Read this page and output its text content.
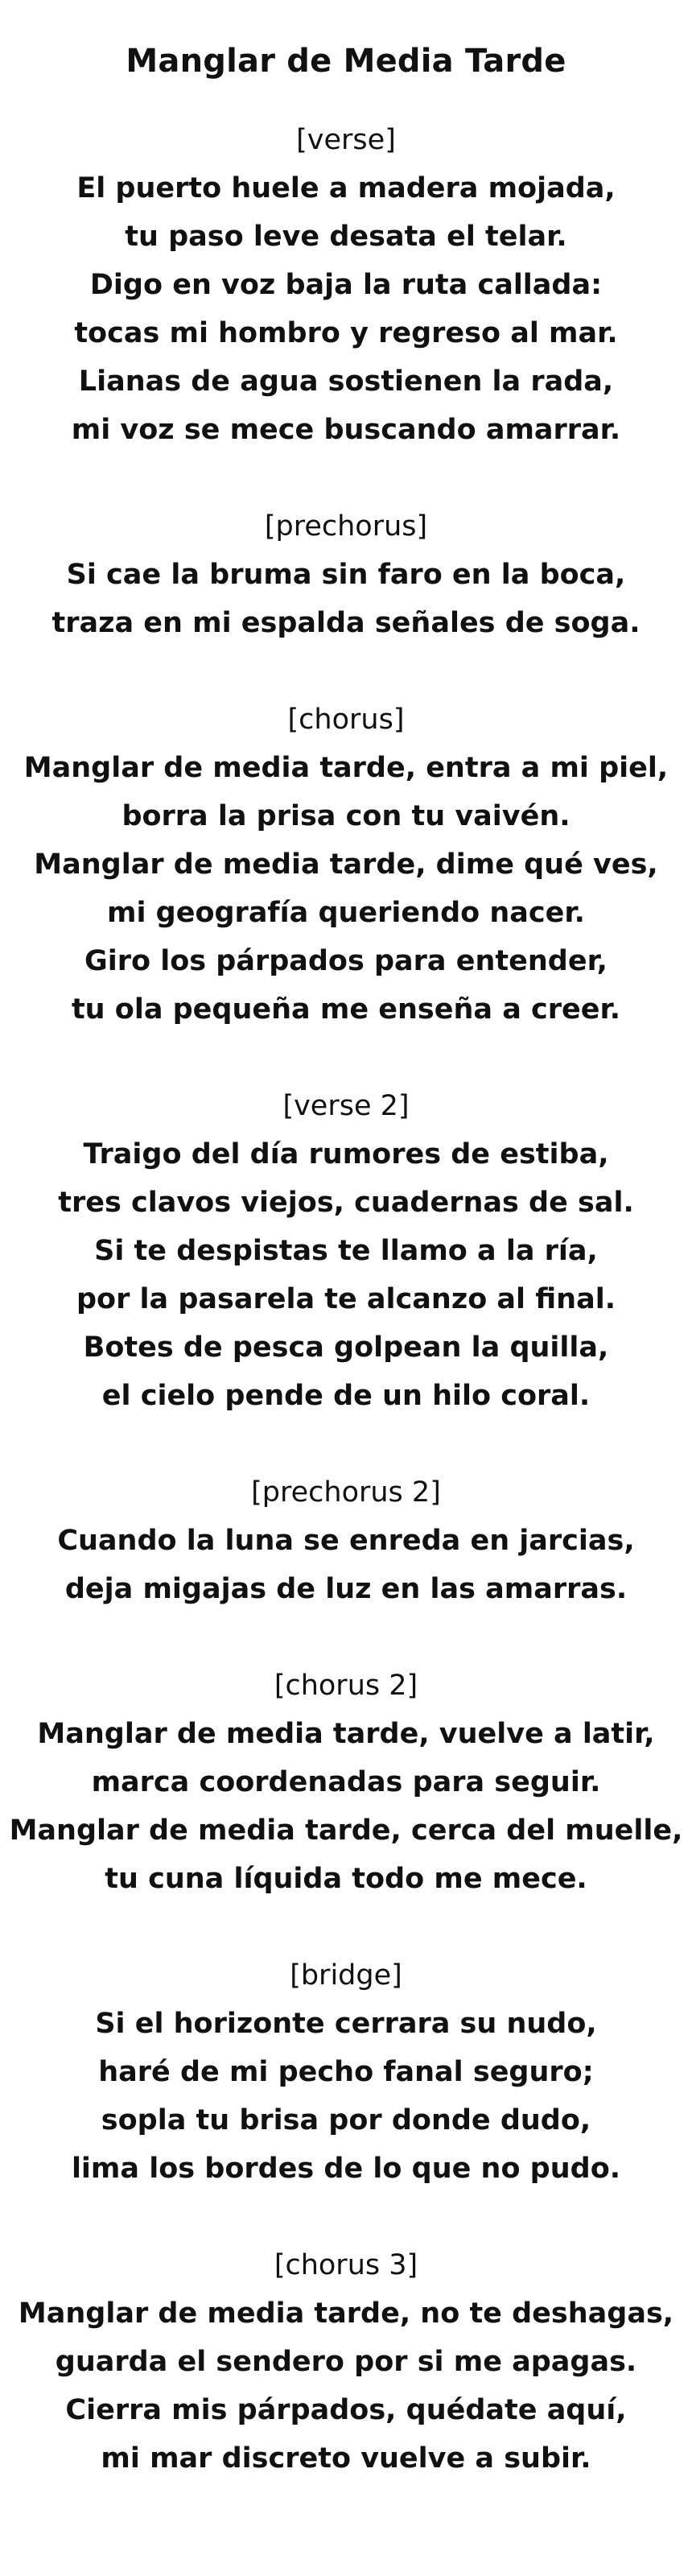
Manglar de Media Tarde
[verse]
El puerto huele a madera mojada,
tu paso leve desata el telar.
Digo en voz baja la ruta callada:
tocas mi hombro y regreso al mar.
Lianas de agua sostienen la rada,
mi voz se mece buscando amarrar.
[prechorus]
Si cae la bruma sin faro en la boca,
traza en mi espalda señales de soga.
[chorus]
Manglar de media tarde, entra a mi piel,
borra la prisa con tu vaivén.
Manglar de media tarde, dime qué ves,
mi geografía queriendo nacer.
Giro los párpados para entender,
tu ola pequeña me enseña a creer.
[verse 2]
Traigo del día rumores de estiba,
tres clavos viejos, cuadernas de sal.
Si te despistas te llamo a la ría,
por la pasarela te alcanzo al final.
Botes de pesca golpean la quilla,
el cielo pende de un hilo coral.
[prechorus 2]
Cuando la luna se enreda en jarcias,
deja migajas de luz en las amarras.
[chorus 2]
Manglar de media tarde, vuelve a latir,
marca coordenadas para seguir.
Manglar de media tarde, cerca del muelle,
tu cuna líquida todo me mece.
[bridge]
Si el horizonte cerrara su nudo,
haré de mi pecho fanal seguro;
sopla tu brisa por donde dudo,
lima los bordes de lo que no pudo.
[chorus 3]
Manglar de media tarde, no te deshagas,
guarda el sendero por si me apagas.
Cierra mis párpados, quédate aquí,
mi mar discreto vuelve a subir.
